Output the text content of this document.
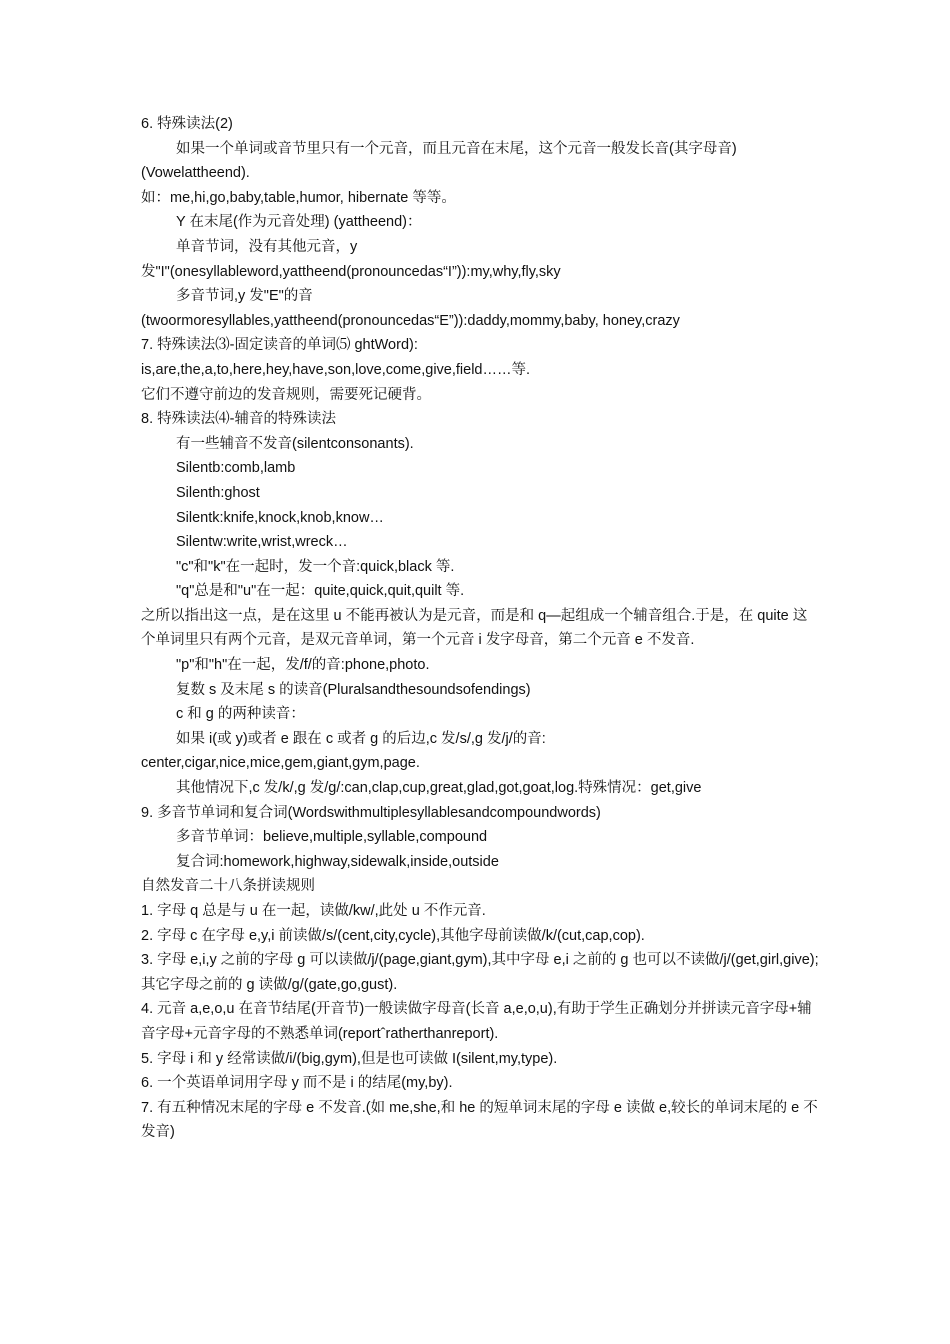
6. 特殊读法(2)
如果一个单词或音节里只有一个元音，而且元音在末尾，这个元音一般发长音(其字母音) (Vowelattheend).
如：me,hi,go,baby,table,humor, hibernate 等等。
Y 在末尾(作为元音处理) (yattheend)：
单音节词，没有其他元音，y
发"I"(onesyllableword,yattheend(pronouncedas“I”)):my,why,fly,sky
多音节词,y 发"E"的音
(twoormoresyllables,yattheend(pronouncedas“E”)):daddy,mommy,baby, honey,crazy
7. 特殊读法⑶-固定读音的单词⑸ ghtWord):
is,are,the,a,to,here,hey,have,son,love,come,give,field……等.
它们不遵守前边的发音规则，需要死记硬背。
8. 特殊读法⑷-辅音的特殊读法
有一些辅音不发音(silentconsonants).
Silentb:comb,lamb
Silenth:ghost
Silentk:knife,knock,knob,know…
Silentw:write,wrist,wreck…
"c"和"k"在一起时，发一个音:quick,black 等.
"q"总是和"u"在一起：quite,quick,quit,quilt 等.
之所以指出这一点，是在这里 u 不能再被认为是元音，而是和 q—起组成一个辅音组合.于是，在 quite 这个单词里只有两个元音，是双元音单词，第一个元音 i 发字母音，第二个元音 e 不发音.
"p"和"h"在一起，发/f/的音:phone,photo.
复数 s 及末尾 s 的读音(Pluralsandthesoundsofendings)
c 和 g 的两种读音：
如果 i(或 y)或者 e 跟在 c 或者 g 的后边,c 发/s/,g 发/j/的音:
center,cigar,nice,mice,gem,giant,gym,page.
其他情况下,c 发/k/,g 发/g/:can,clap,cup,great,glad,got,goat,log.特殊情况：get,give
9. 多音节单词和复合词(Wordswithmultiplesyllablesandcompoundwords)
多音节单词：believe,multiple,syllable,compound
复合词:homework,highway,sidewalk,inside,outside
自然发音二十八条拼读规则
1. 字母 q 总是与 u 在一起，读做/kw/,此处 u 不作元音.
2. 字母 c 在字母 e,y,i 前读做/s/(cent,city,cycle),其他字母前读做/k/(cut,cap,cop).
3. 字母 e,i,y 之前的字母 g 可以读做/j/(page,giant,gym),其中字母 e,i 之前的 g 也可以不读做/j/(get,girl,give);其它字母之前的 g 读做/g/(gate,go,gust).
4. 元音 a,e,o,u 在音节结尾(开音节)一般读做字母音(长音 a,e,o,u),有助于学生正确划分并拼读元音字母+辅音字母+元音字母的不熟悉单词(reportˆratherthanreport).
5. 字母 i 和 y 经常读做/i/(big,gym),但是也可读做 I(silent,my,type).
6. 一个英语单词用字母 y 而不是 i 的结尾(my,by).
7. 有五种情况末尾的字母 e 不发音.(如 me,she,和 he 的短单词末尾的字母 e 读做 e,较长的单词末尾的 e 不发音)
